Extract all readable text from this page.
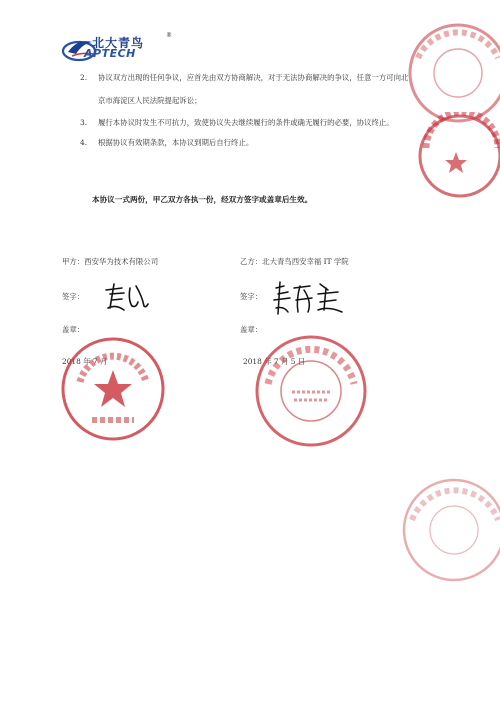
北大青鸟
APTECH
®
2.	协议双方出现的任何争议，应首先由双方协商解决，对于无法协商解决的争议，任意一方可向北
京市海淀区人民法院提起诉讼；
3.	履行本协议时发生不可抗力，致使协议失去继续履行的条件或确无履行的必要，协议终止。
4.	根据协议有效期条款，本协议到期后自行终止。
本协议一式两份，甲乙双方各执一份，经双方签字或盖章后生效。
甲方：西安华为技术有限公司
签字：
盖章：
2018 年 7 月
乙方：北大青鸟西安幸福 IT 学院
签字：
盖章：
2018 年 7 月 5 日
